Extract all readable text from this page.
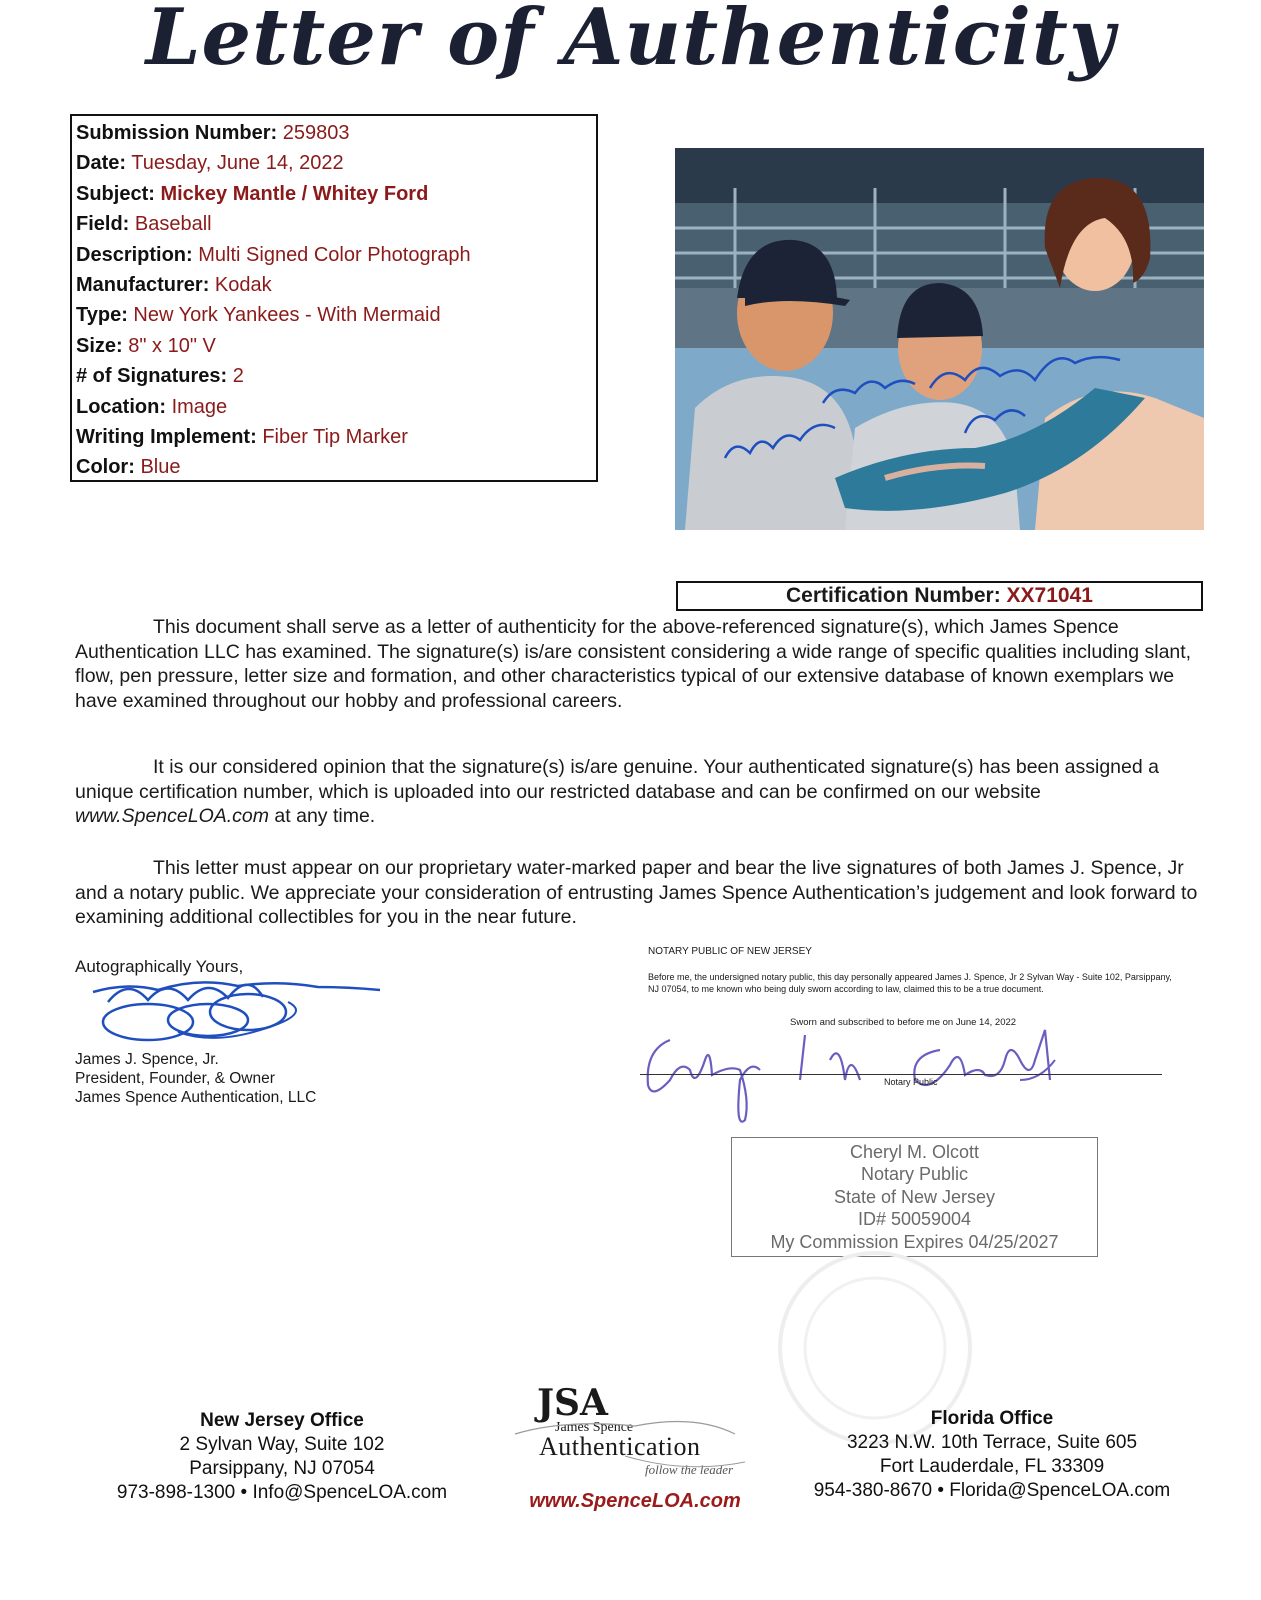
Letter of Authenticity
Submission Number: 259803
Date: Tuesday, June 14, 2022
Subject: Mickey Mantle / Whitey Ford
Field: Baseball
Description: Multi Signed Color Photograph
Manufacturer: Kodak
Type: New York Yankees - With Mermaid
Size: 8" x 10" V
# of Signatures: 2
Location: Image
Writing Implement: Fiber Tip Marker
Color: Blue
Certification Number: XX71041
This document shall serve as a letter of authenticity for the above-referenced signature(s), which James Spence Authentication LLC has examined. The signature(s) is/are consistent considering a wide range of specific qualities including slant, flow, pen pressure, letter size and formation, and other characteristics typical of our extensive database of known exemplars we have examined throughout our hobby and professional careers.
It is our considered opinion that the signature(s) is/are genuine. Your authenticated signature(s) has been assigned a unique certification number, which is uploaded into our restricted database and can be confirmed on our website www.SpenceLOA.com at any time.
This letter must appear on our proprietary water-marked paper and bear the live signatures of both James J. Spence, Jr and a notary public. We appreciate your consideration of entrusting James Spence Authentication’s judgement and look forward to examining additional collectibles for you in the near future.
Autographically Yours,
James J. Spence, Jr.
President, Founder, & Owner
James Spence Authentication, LLC
NOTARY PUBLIC OF NEW JERSEY
Before me, the undersigned notary public, this day personally appeared James J. Spence, Jr 2 Sylvan Way - Suite 102, Parsippany, NJ 07054, to me known who being duly sworn according to law, claimed this to be a true document.
Sworn and subscribed to before me on June 14, 2022
Notary Public
Cheryl M. Olcott
Notary Public
State of New Jersey
ID# 50059004
My Commission Expires 04/25/2027
New Jersey Office
2 Sylvan Way, Suite 102
Parsippany, NJ 07054
973-898-1300 • Info@SpenceLOA.com
Florida Office
3223 N.W. 10th Terrace, Suite 605
Fort Lauderdale, FL 33309
954-380-8670 • Florida@SpenceLOA.com
JSA
James Spence
Authentication
follow the leader
www.SpenceLOA.com
